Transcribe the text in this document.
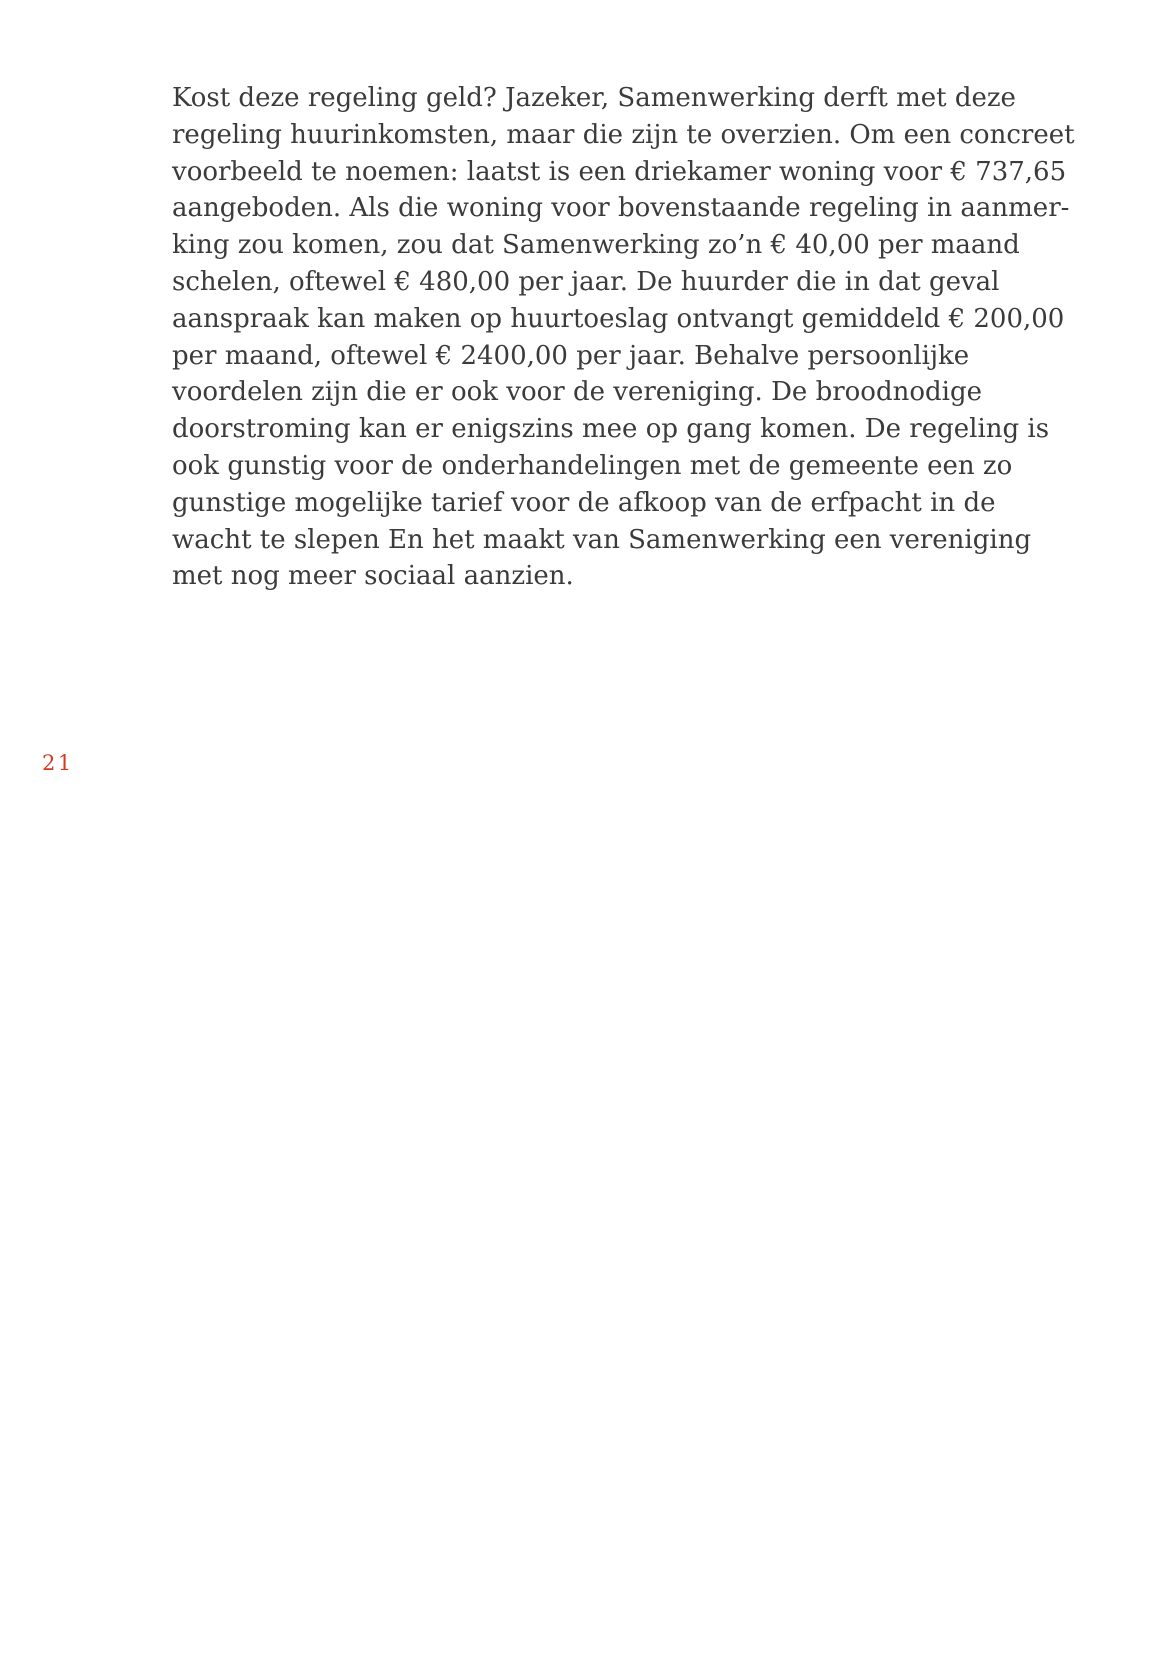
Kost deze regeling geld? Jazeker, Samenwerking derft met deze
regeling huurinkomsten, maar die zijn te overzien. Om een concreet
voorbeeld te noemen: laatst is een driekamer woning voor € 737,65
aangeboden. Als die woning voor bovenstaande regeling in aanmer-
king zou komen, zou dat Samenwerking zo’n € 40,00 per maand
schelen, oftewel € 480,00 per jaar. De huurder die in dat geval
aanspraak kan maken op huurtoeslag ontvangt gemiddeld € 200,00
per maand, oftewel € 2400,00 per jaar. Behalve persoonlijke
voordelen zijn die er ook voor de vereniging. De broodnodige
doorstroming kan er enigszins mee op gang komen. De regeling is
ook gunstig voor de onderhandelingen met de gemeente een zo
gunstige mogelijke tarief voor de afkoop van de erfpacht in de
wacht te slepen En het maakt van Samenwerking een vereniging
met nog meer sociaal aanzien.
21
